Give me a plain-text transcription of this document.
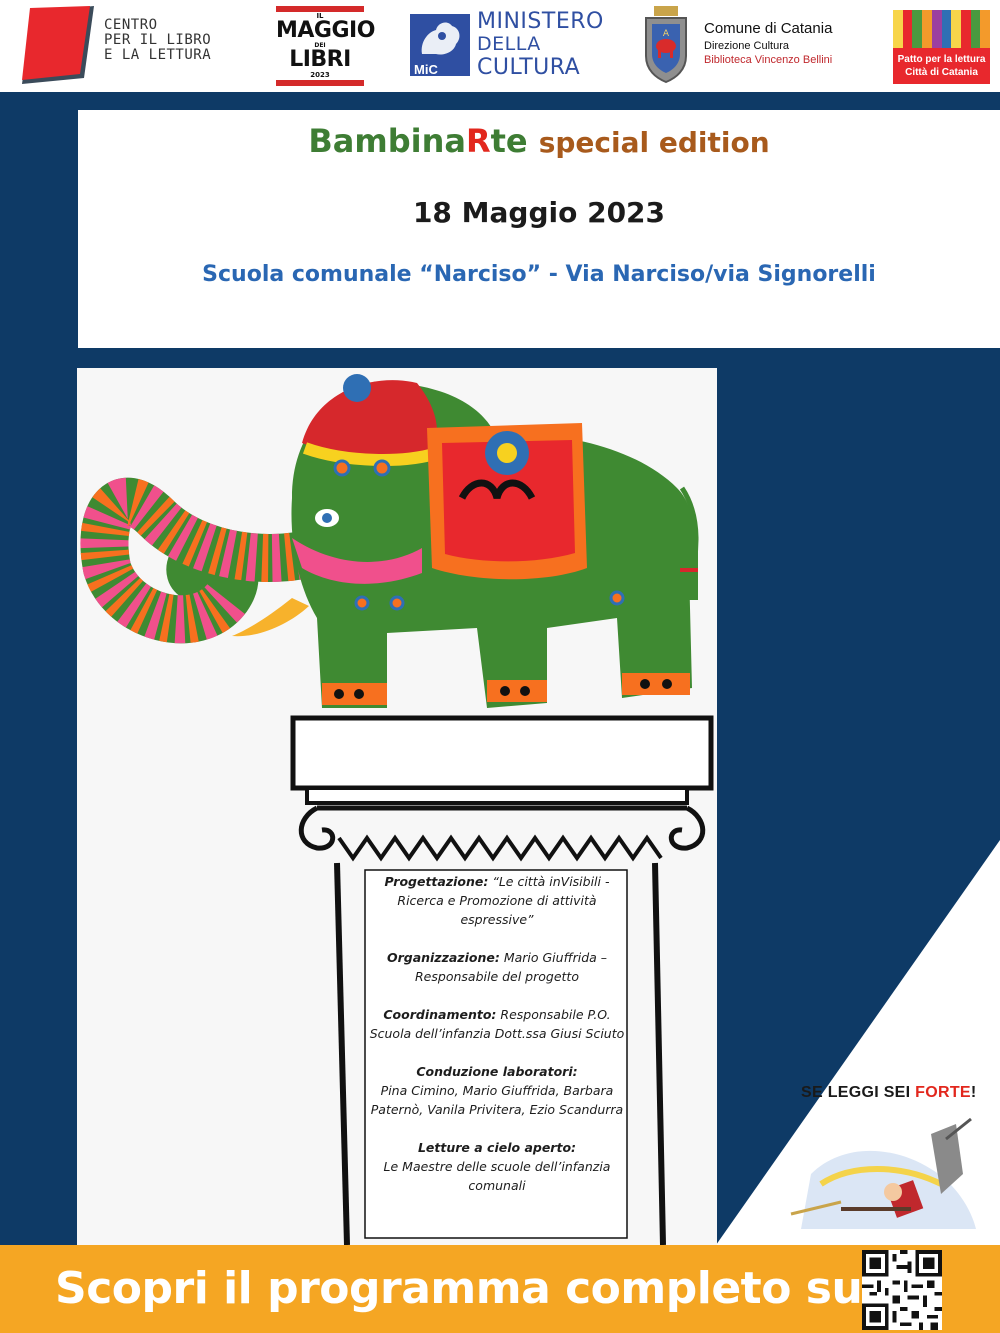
CENTRO
PER IL LIBRO
E LA LETTURA
IL
MAGGIO
DEI
LIBRI
2023	MiC
MINISTERO
DELLA
CULTURA
A Comune di Catania
Direzione Cultura
Biblioteca Vincenzo Bellini	Patto per la lettura
Città di Catania
BambinaRte special edition
18 Maggio 2023
Scuola comunale “Narciso” - Via Narciso/via Signorelli
Progettazione: “Le città inVisibili - Ricerca e Promozione di attività espressive”
Organizzazione: Mario Giuffrida – Responsabile del progetto
Coordinamento: Responsabile P.O. Scuola dell’infanzia Dott.ssa Giusi Sciuto
Conduzione laboratori:
Pina Cimino, Mario Giuffrida, Barbara Paternò, Vanila Privitera, Ezio Scandurra
Letture a cielo aperto:
Le Maestre delle scuole dell’infanzia comunali
SE LEGGI SEI FORTE!
Scopri il programma completo su
